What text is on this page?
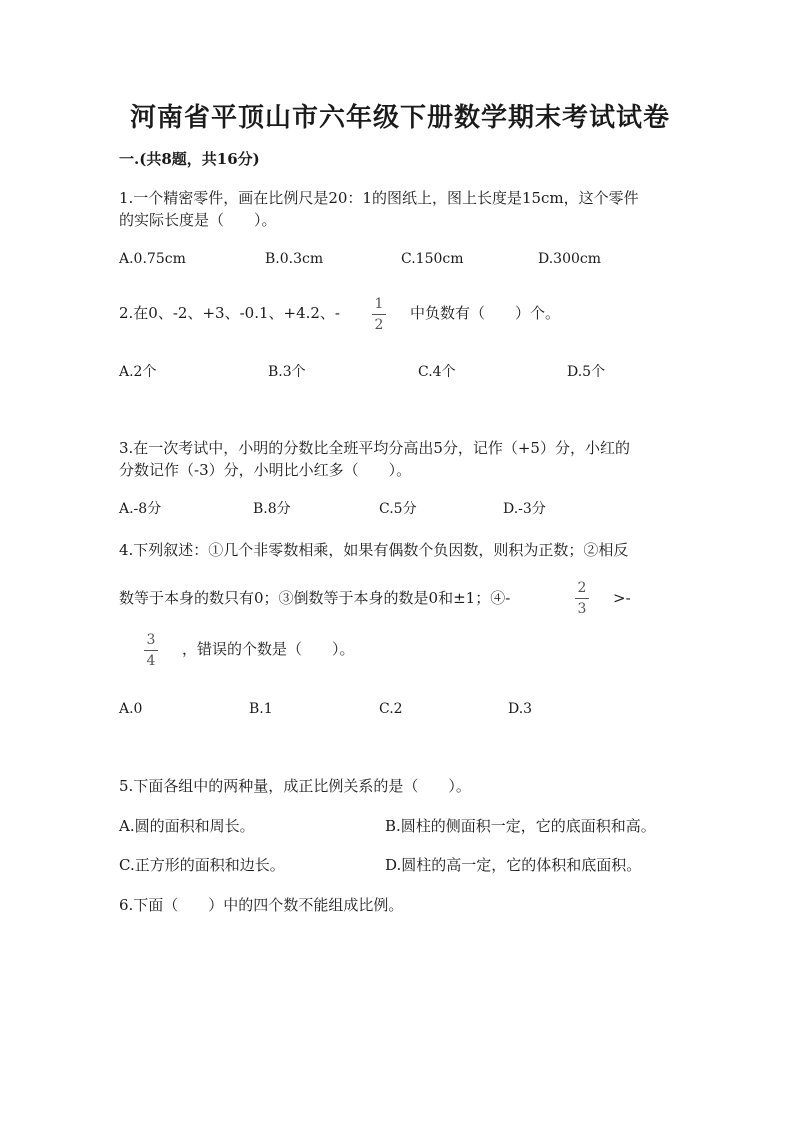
河南省平顶山市六年级下册数学期末考试试卷
一.(共8题，共16分)
1.一个精密零件，画在比例尺是20：1的图纸上，图上长度是15cm，这个零件
的实际长度是（　　）。
A.0.75cm	B.0.3cm	C.150cm	D.300cm
2.在0、-2、+3、-0.1、+4.2、- 1
2
中负数有（　　）个。
A.2个	B.3个	C.4个	D.5个
3.在一次考试中，小明的分数比全班平均分高出5分，记作（+5）分，小红的
分数记作（-3）分，小明比小红多（　　）。
A.-8分	B.8分	C.5分	D.-3分
4.下列叙述：①几个非零数相乘，如果有偶数个负因数，则积为正数；②相反
数等于本身的数只有0；③倒数等于本身的数是0和±1；④-
2
3
>-
3
4
，错误的个数是（　　）。
A.0	B.1	C.2	D.3
5.下面各组中的两种量，成正比例关系的是（　　）。
A.圆的面积和周长。	B.圆柱的侧面积一定，它的底面积和高。
C.正方形的面积和边长。	D.圆柱的高一定，它的体积和底面积。
6.下面（　　）中的四个数不能组成比例。
